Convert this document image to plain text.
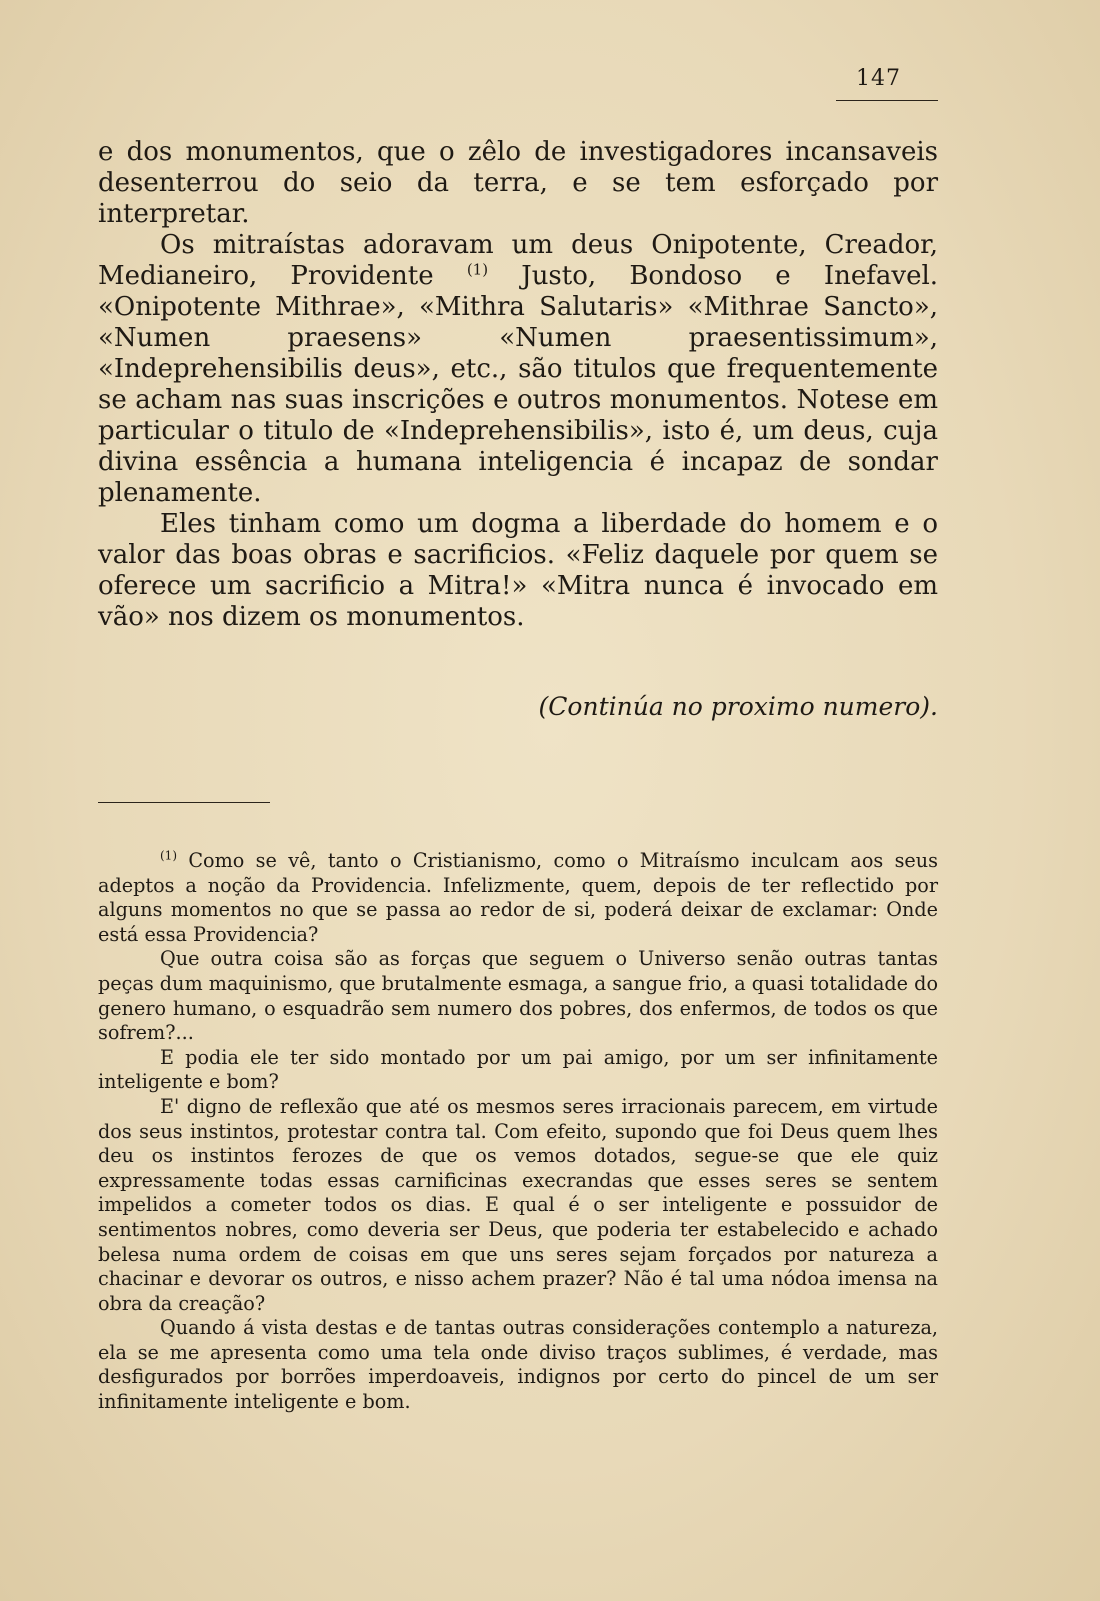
147

e dos monumentos, que o zêlo de investigadores incansaveis desenterrou do seio da terra, e se tem esforçado por interpretar.

Os mitraístas adoravam um deus Onipotente, Creador, Medianeiro, Providente $^{(1)}$ Justo, Bondoso e Inefavel. «Onipotente Mithrae», «Mithra Salutaris» «Mithrae Sancto», «Numen praesens» «Numen praesentissimum», «Indeprehensibilis deus», etc., são titulos que frequentemente se acham nas suas inscrições e outros monumentos. Notese em particular o titulo de «Indeprehensibilis», isto é, um deus, cuja divina essência a humana inteligencia é incapaz de sondar plenamente.

Eles tinham como um dogma a liberdade do homem e o valor das boas obras e sacrificios. «Feliz daquele por quem se oferece um sacrificio a Mitra!» «Mitra nunca é invocado em vão» nos dizem os monumentos.

(Continúa no proximo numero).

$^{(1)}$ Como se vê, tanto o Cristianismo, como o Mitraísmo inculcam aos seus adeptos a noção da Providencia. Infelizmente, quem, depois de ter reflectido por alguns momentos no que se passa ao redor de si, poderá deixar de exclamar: Onde está essa Providencia?

Que outra coisa são as forças que seguem o Universo senão outras tantas peças dum maquinismo, que brutalmente esmaga, a sangue frio, a quasi totalidade do genero humano, o esquadrão sem numero dos pobres, dos enfermos, de todos os que sofrem?...

E podia ele ter sido montado por um pai amigo, por um ser infinitamente inteligente e bom?

E' digno de reflexão que até os mesmos seres irracionais parecem, em virtude dos seus instintos, protestar contra tal. Com efeito, supondo que foi Deus quem lhes deu os instintos ferozes de que os vemos dotados, segue-se que ele quiz expressamente todas essas carnificinas execrandas que esses seres se sentem impelidos a cometer todos os dias. E qual é o ser inteligente e possuidor de sentimentos nobres, como deveria ser Deus, que poderia ter estabelecido e achado belesa numa ordem de coisas em que uns seres sejam forçados por natureza a chacinar e devorar os outros, e nisso achem prazer? Não é tal uma nódoa imensa na obra da creação?

Quando á vista destas e de tantas outras considerações contemplo a natureza, ela se me apresenta como uma tela onde diviso traços sublimes, é verdade, mas desfigurados por borrões imperdoaveis, indignos por certo do pincel de um ser infinitamente inteligente e bom.
